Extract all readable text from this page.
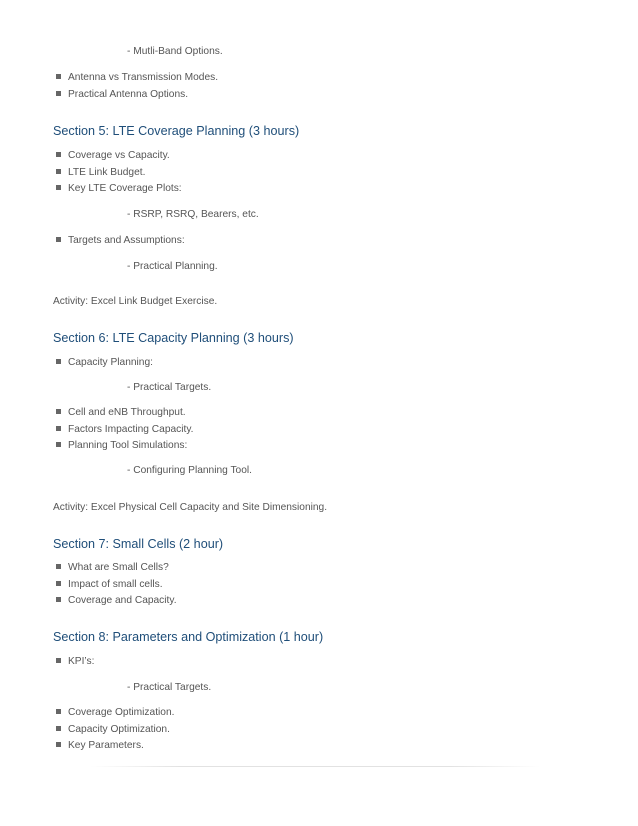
- Mutli-Band Options.
Antenna vs Transmission Modes.
Practical Antenna Options.
Section 5: LTE Coverage Planning (3 hours)
Coverage vs Capacity.
LTE Link Budget.
Key LTE Coverage Plots:
- RSRP, RSRQ, Bearers, etc.
Targets and Assumptions:
- Practical Planning.
Activity: Excel Link Budget Exercise.
Section 6: LTE Capacity Planning (3 hours)
Capacity Planning:
- Practical Targets.
Cell and eNB Throughput.
Factors Impacting Capacity.
Planning Tool Simulations:
- Configuring Planning Tool.
Activity: Excel Physical Cell Capacity and Site Dimensioning.
Section 7: Small Cells (2 hour)
What are Small Cells?
Impact of small cells.
Coverage and Capacity.
Section 8: Parameters and Optimization (1 hour)
KPI’s:
- Practical Targets.
Coverage Optimization.
Capacity Optimization.
Key Parameters.
